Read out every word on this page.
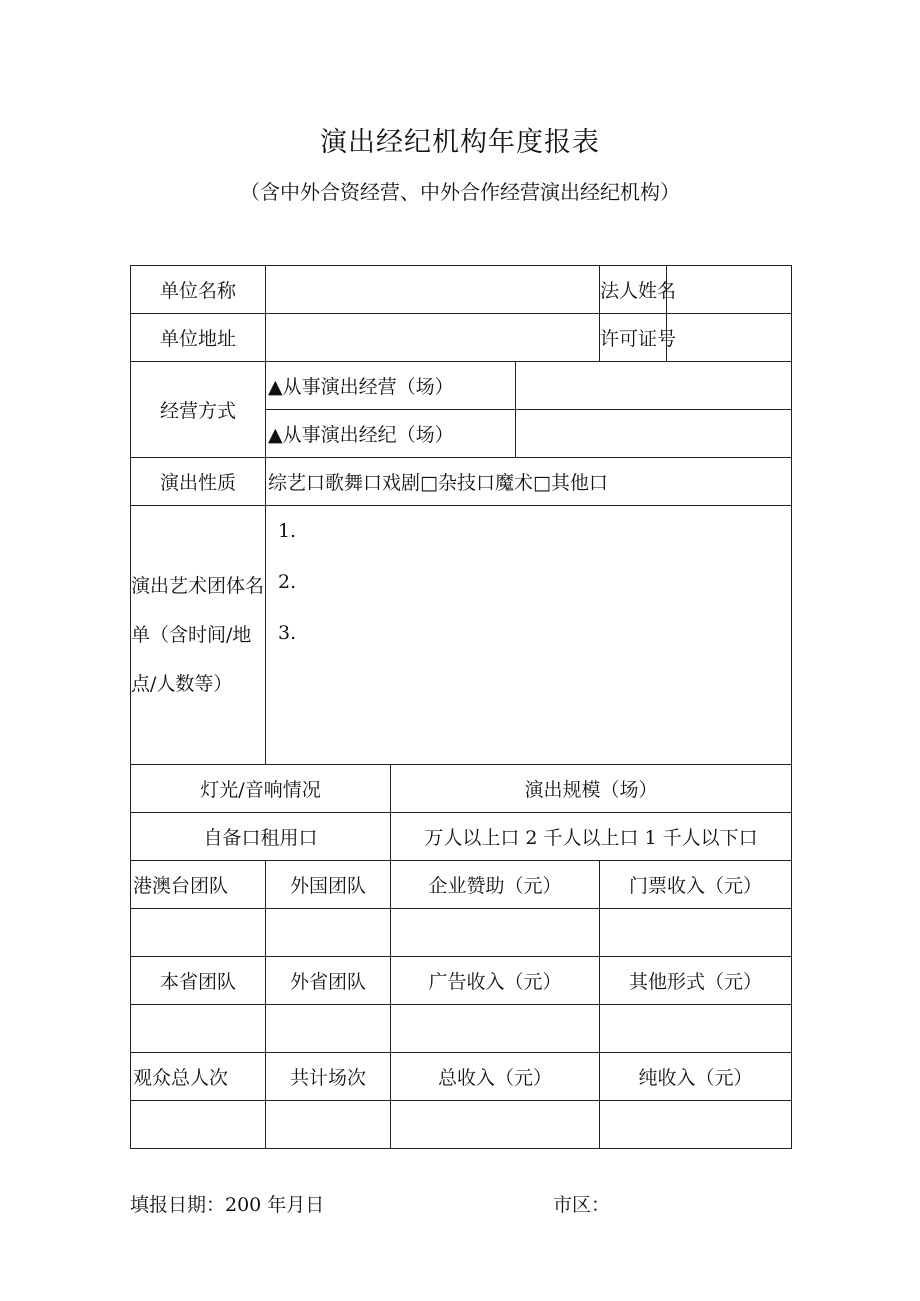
演出经纪机构年度报表
（含中外合资经营、中外合作经营演出经纪机构）
单位名称				法人姓名	
单位地址				许可证号	
经营方式	▲从事演出经营（场）				
	▲从事演出经纪（场）				
演出性质	综艺口歌舞口戏剧□杂技口魔术□其他口				
演出艺术团体名单（含时间/地点/人数等）	1.
2.
3.				

灯光/音响情况		演出规模（场）			
自备口租用口		万人以上口 2 千人以上口 1 千人以下口			
港澳台团队	外国团队	企业赞助（元）		门票收入（元）	

本省团队	外省团队	广告收入（元）		其他形式（元）	

观众总人次	共计场次	总收入（元）		纯收入（元）	

填报日期：200 年月日	市区：
